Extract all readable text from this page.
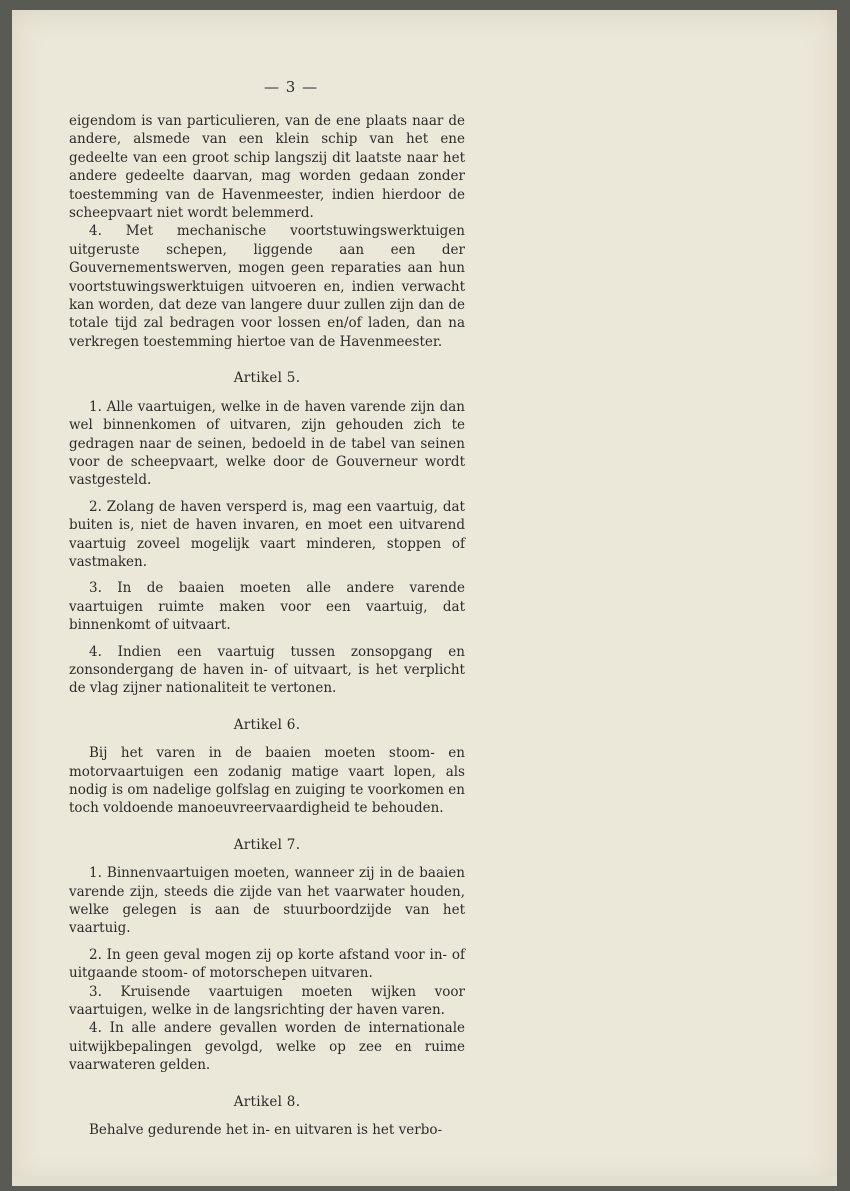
— 3 —

eigendom is van particulieren, van de ene plaats naar de andere, alsmede van een klein schip van het ene gedeelte van een groot schip langszij dit laatste naar het andere gedeelte daarvan, mag worden gedaan zonder toestemming van de Havenmeester, indien hierdoor de scheepvaart niet wordt belemmerd.

4. Met mechanische voortstuwingswerktuigen uitgeruste schepen, liggende aan een der Gouvernementswerven, mogen geen reparaties aan hun voortstuwingswerktuigen uitvoeren en, indien verwacht kan worden, dat deze van langere duur zullen zijn dan de totale tijd zal bedragen voor lossen en/of laden, dan na verkregen toestemming hiertoe van de Havenmeester.

Artikel 5.

1. Alle vaartuigen, welke in de haven varende zijn dan wel binnenkomen of uitvaren, zijn gehouden zich te gedragen naar de seinen, bedoeld in de tabel van seinen voor de scheepvaart, welke door de Gouverneur wordt vastgesteld.

2. Zolang de haven versperd is, mag een vaartuig, dat buiten is, niet de haven invaren, en moet een uitvarend vaartuig zoveel mogelijk vaart minderen, stoppen of vastmaken.

3. In de baaien moeten alle andere varende vaartuigen ruimte maken voor een vaartuig, dat binnenkomt of uitvaart.

4. Indien een vaartuig tussen zonsopgang en zonsondergang de haven in- of uitvaart, is het verplicht de vlag zijner nationaliteit te vertonen.

Artikel 6.

Bij het varen in de baaien moeten stoom- en motorvaartuigen een zodanig matige vaart lopen, als nodig is om nadelige golfslag en zuiging te voorkomen en toch voldoende manoeuvreervaardigheid te behouden.

Artikel 7.

1. Binnenvaartuigen moeten, wanneer zij in de baaien varende zijn, steeds die zijde van het vaarwater houden, welke gelegen is aan de stuurboordzijde van het vaartuig.

2. In geen geval mogen zij op korte afstand voor in- of uitgaande stoom- of motorschepen uitvaren.

3. Kruisende vaartuigen moeten wijken voor vaartuigen, welke in de langsrichting der haven varen.

4. In alle andere gevallen worden de internationale uitwijkbepalingen gevolgd, welke op zee en ruime vaarwateren gelden.

Artikel 8.

Behalve gedurende het in- en uitvaren is het verbo-
